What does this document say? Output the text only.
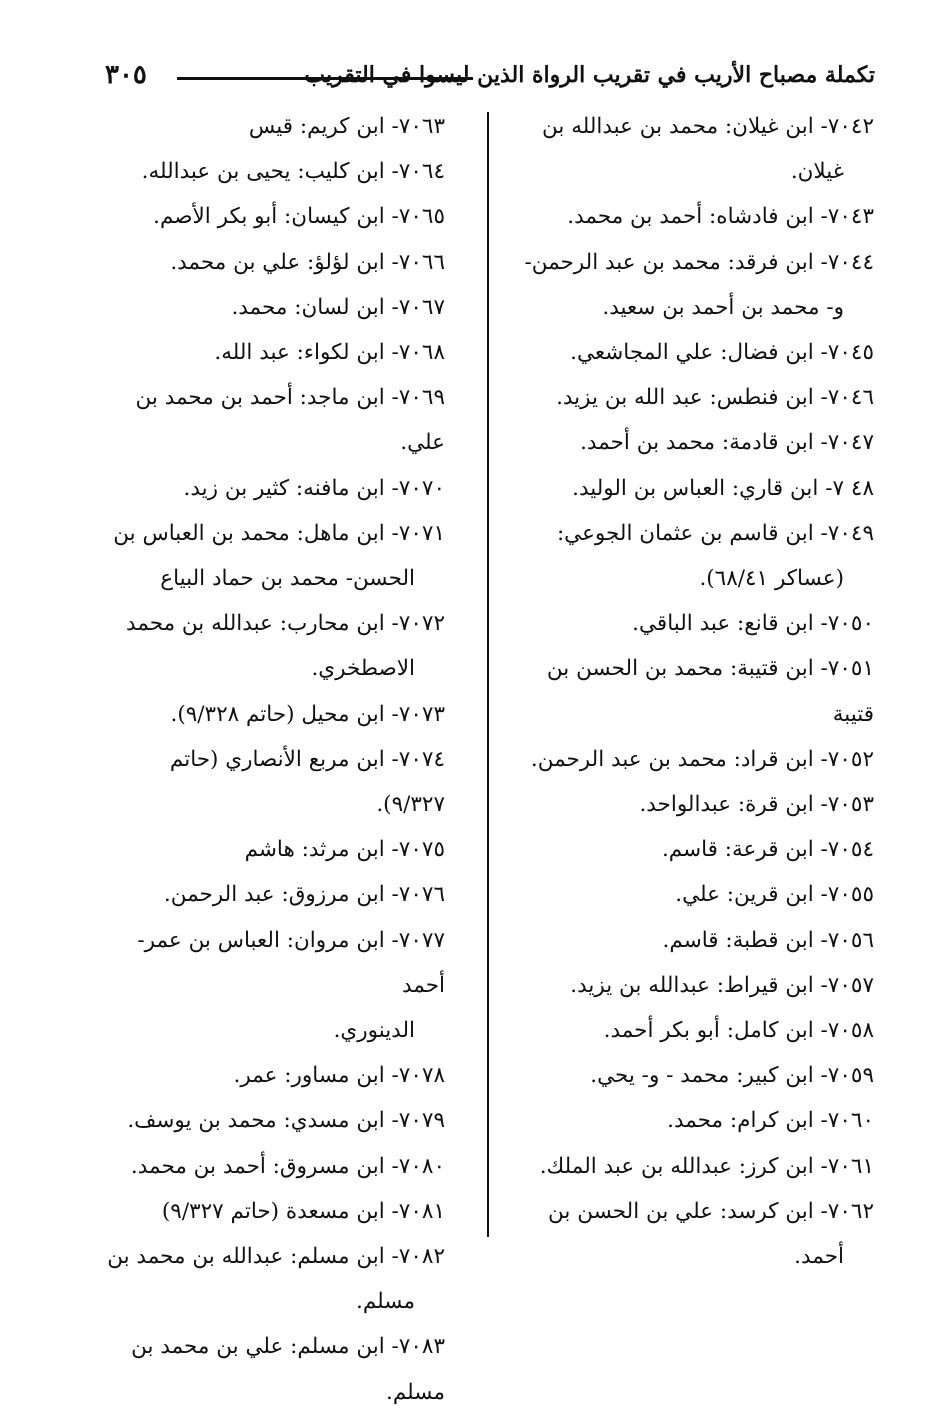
تكملة مصباح الأريب في تقريب الرواة الذين ليسوا في التقريب
٣٠٥

٧٠٤٢- ابن غيلان: محمد بن عبدالله بن

غيلان.

٧٠٤٣- ابن فادشاه: أحمد بن محمد.

٧٠٤٤- ابن فرقد: محمد بن عبد الرحمن-

و- محمد بن أحمد بن سعيد.

٧٠٤٥- ابن فضال: علي المجاشعي.

٧٠٤٦- ابن فنطس: عبد الله بن يزيد.

٧٠٤٧- ابن قادمة: محمد بن أحمد.

٤٨ ٧- ابن قاري: العباس بن الوليد.

٧٠٤٩- ابن قاسم بن عثمان الجوعي:

(عساكر ٦٨/٤١).

٧٠٥٠- ابن قانع: عبد الباقي.

٧٠٥١- ابن قتيبة: محمد بن الحسن بن قتيبة

٧٠٥٢- ابن قراد: محمد بن عبد الرحمن.

٧٠٥٣- ابن قرة: عبدالواحد.

٧٠٥٤- ابن قرعة: قاسم.

٧٠٥٥- ابن قرين: علي.

٧٠٥٦- ابن قطبة: قاسم.

٧٠٥٧- ابن قيراط: عبدالله بن يزيد.

٧٠٥٨- ابن كامل: أبو بكر أحمد.

٧٠٥٩- ابن كبير: محمد - و- يحي.

٧٠٦٠- ابن كرام: محمد.

٧٠٦١- ابن كرز: عبدالله بن عبد الملك.

٧٠٦٢- ابن كرسد: علي بن الحسن بن

أحمد.

٧٠٦٣- ابن كريم: قيس

٧٠٦٤- ابن كليب: يحيى بن عبدالله.

٧٠٦٥- ابن كيسان: أبو بكر الأصم.

٧٠٦٦- ابن لؤلؤ: علي بن محمد.

٧٠٦٧- ابن لسان: محمد.

٧٠٦٨- ابن لكواء: عبد الله.

٧٠٦٩- ابن ماجد: أحمد بن محمد بن علي.

٧٠٧٠- ابن مافنه: كثير بن زيد.

٧٠٧١- ابن ماهل: محمد بن العباس بن

الحسن- محمد بن حماد البياع

٧٠٧٢- ابن محارب: عبدالله بن محمد

الاصطخري.

٧٠٧٣- ابن محيل (حاتم ٩/٣٢٨).

٧٠٧٤- ابن مربع الأنصاري (حاتم ٩/٣٢٧).

٧٠٧٥- ابن مرثد: هاشم

٧٠٧٦- ابن مرزوق: عبد الرحمن.

٧٠٧٧- ابن مروان: العباس بن عمر-أحمد

الدينوري.

٧٠٧٨- ابن مساور: عمر.

٧٠٧٩- ابن مسدي: محمد بن يوسف.

٧٠٨٠- ابن مسروق: أحمد بن محمد.

٧٠٨١- ابن مسعدة (حاتم ٩/٣٢٧)

٧٠٨٢- ابن مسلم: عبدالله بن محمد بن

مسلم.

٧٠٨٣- ابن مسلم: علي بن محمد بن مسلم.
